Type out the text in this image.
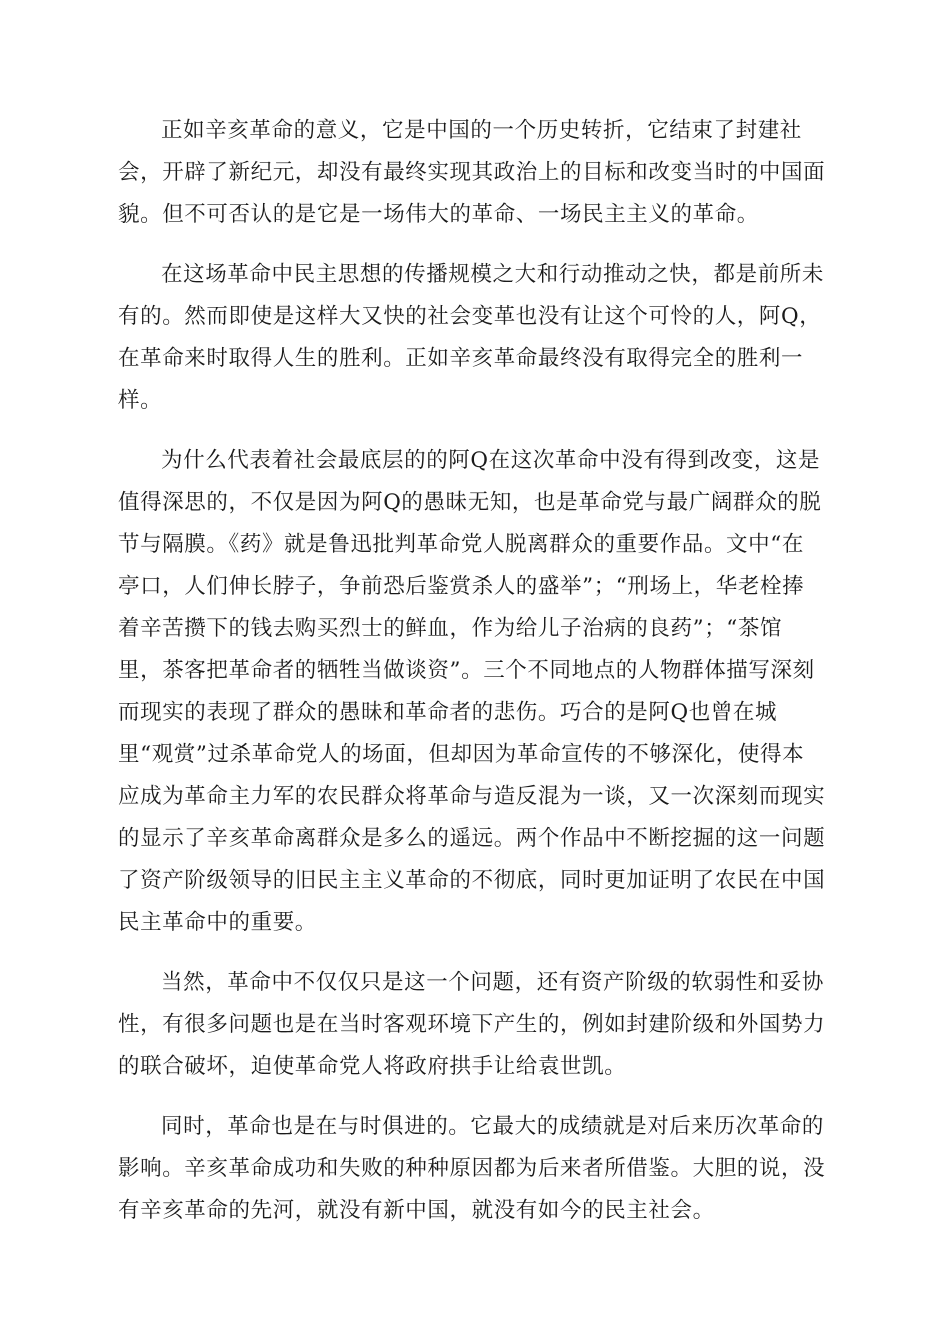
正如辛亥革命的意义，它是中国的一个历史转折，它结束了封建社
会，开辟了新纪元，却没有最终实现其政治上的目标和改变当时的中国面
貌。但不可否认的是它是一场伟大的革命、一场民主主义的革命。

在这场革命中民主思想的传播规模之大和行动推动之快，都是前所未
有的。然而即使是这样大又快的社会变革也没有让这个可怜的人，阿Q，
在革命来时取得人生的胜利。正如辛亥革命最终没有取得完全的胜利一
样。

为什么代表着社会最底层的的阿Q在这次革命中没有得到改变，这是
值得深思的，不仅是因为阿Q的愚昧无知，也是革命党与最广阔群众的脱
节与隔膜。《药》就是鲁迅批判革命党人脱离群众的重要作品。文中“在
亭口，人们伸长脖子，争前恐后鉴赏杀人的盛举”；“刑场上，华老栓捧
着辛苦攒下的钱去购买烈士的鲜血，作为给儿子治病的良药”；“茶馆
里，茶客把革命者的牺牲当做谈资”。三个不同地点的人物群体描写深刻
而现实的表现了群众的愚昧和革命者的悲伤。巧合的是阿Q也曾在城
里“观赏”过杀革命党人的场面，但却因为革命宣传的不够深化，使得本
应成为革命主力军的农民群众将革命与造反混为一谈，又一次深刻而现实
的显示了辛亥革命离群众是多么的遥远。两个作品中不断挖掘的这一问题
了资产阶级领导的旧民主主义革命的不彻底，同时更加证明了农民在中国
民主革命中的重要。

当然，革命中不仅仅只是这一个问题，还有资产阶级的软弱性和妥协
性，有很多问题也是在当时客观环境下产生的，例如封建阶级和外国势力
的联合破坏，迫使革命党人将政府拱手让给袁世凯。

同时，革命也是在与时俱进的。它最大的成绩就是对后来历次革命的
影响。辛亥革命成功和失败的种种原因都为后来者所借鉴。大胆的说，没
有辛亥革命的先河，就没有新中国，就没有如今的民主社会。
